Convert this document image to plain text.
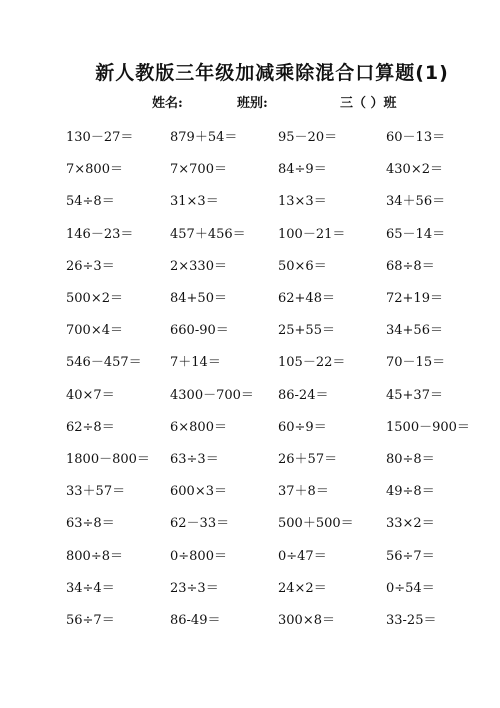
新人教版三年级加减乘除混合口算题(1)
姓名:	班别:	三（ ）班
130－27＝	879＋54＝	95－20＝	60－13＝
7×800＝	7×700＝	84÷9＝	430×2＝
54÷8＝	31×3＝	13×3＝	34＋56＝
146－23＝	457＋456＝ 100－21＝	65－14＝
26÷3＝	2×330＝	50×6＝	68÷8＝
500×2＝	84+50＝	62+48＝	72+19＝
700×4＝	660-90＝	25+55＝	34+56＝
546－457＝ 7＋14＝	105－22＝	70－15＝
40×7＝	4300－700＝ 86-24＝	45+37＝
62÷8＝	6×800＝	60÷9＝	1500－900＝
1800－800＝ 63÷3＝	26＋57＝	80÷8＝
33＋57＝	600×3＝	37＋8＝	49÷8＝
63÷8＝	62－33＝	500＋500＝ 33×2＝
800÷8＝	0÷800＝	0÷47＝	56÷7＝
34÷4＝	23÷3＝	24×2＝	0÷54＝
56÷7＝	86-49＝	300×8＝	33-25＝
